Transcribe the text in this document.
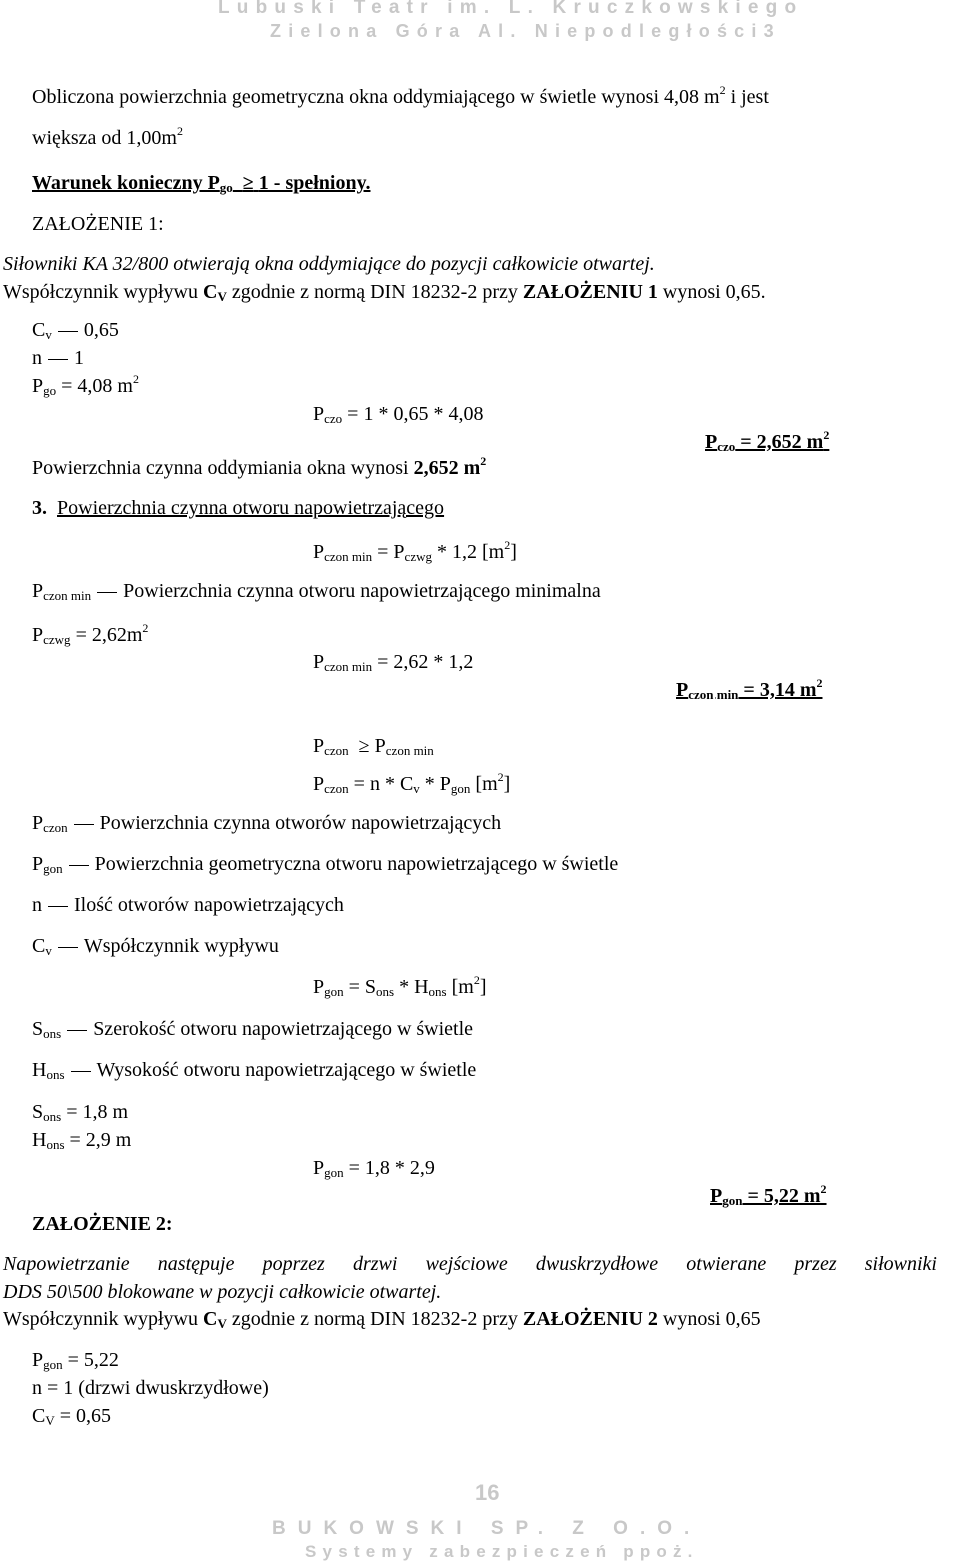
Lubuski Teatr im. L. Kruczkowskiego
Zielona Góra Al. Niepodległości3
Obliczona powierzchnia geometryczna okna oddymiającego w świetle wynosi 4,08 $m^2$ i jest
większa od $1,00m^2$
Warunek konieczny $P_{go} \ge 1$ - spełniony.
ZAŁOŻENIE 1:
Siłowniki KA 32/800 otwierają okna oddymiające do pozycji całkowicie otwartej.
Współczynnik wypływu $C_V$ zgodnie z normą DIN 18232-2 przy ZAŁOŻENIU 1 wynosi 0,65.
$C_v$ 0,65
n 1
$P_{go} = 4,08$ $m^2$
$P_{czo} = 1 * 0,65 * 4,08$
$P_{czo} = 2,652$ $m^2$
Powierzchnia czynna oddymiania okna wynosi 2,652 $m^2$
3. Powierzchnia czynna otworu napowietrzającego
$P_{czon min} = P_{czwg} * 1,2$ $[m^2]$
$P_{czon min}$ Powierzchnia czynna otworu napowietrzającego minimalna
$P_{czwg} = 2,62m^2$
$P_{czon min} = 2,62 * 1,2$
$P_{czon min} = 3,14$ $m^2$
$P_{czon} \ge P_{czon min}$
$P_{czon} = n * C_v * P_{gon}$ $[m^2]$
$P_{czon}$ Powierzchnia czynna otworów napowietrzających
$P_{gon}$ Powierzchnia geometryczna otworu napowietrzającego w świetle
n Ilość otworów napowietrzających
$C_v$ Współczynnik wypływu
$P_{gon} = S_{ons} * H_{ons}$ $[m^2]$
$S_{ons}$ Szerokość otworu napowietrzającego w świetle
$H_{ons}$ Wysokość otworu napowietrzającego w świetle
$S_{ons} = 1,8$ m
$H_{ons} = 2,9$ m
$P_{gon} = 1,8 * 2,9$
$P_{gon} = 5,22$ $m^2$
ZAŁOŻENIE 2:
Napowietrzanie następuje poprzez drzwi wejściowe dwuskrzydłowe otwierane przez siłowniki
DDS 50\500 blokowane w pozycji całkowicie otwartej.
Współczynnik wypływu $C_V$ zgodnie z normą DIN 18232-2 przy ZAŁOŻENIU 2 wynosi 0,65
$P_{gon} = 5,22$
n = 1 (drzwi dwuskrzydłowe)
$C_V = 0,65$
16
BUKOWSKI SP. Z O.O.
Systemy zabezpieczeń ppoż.
